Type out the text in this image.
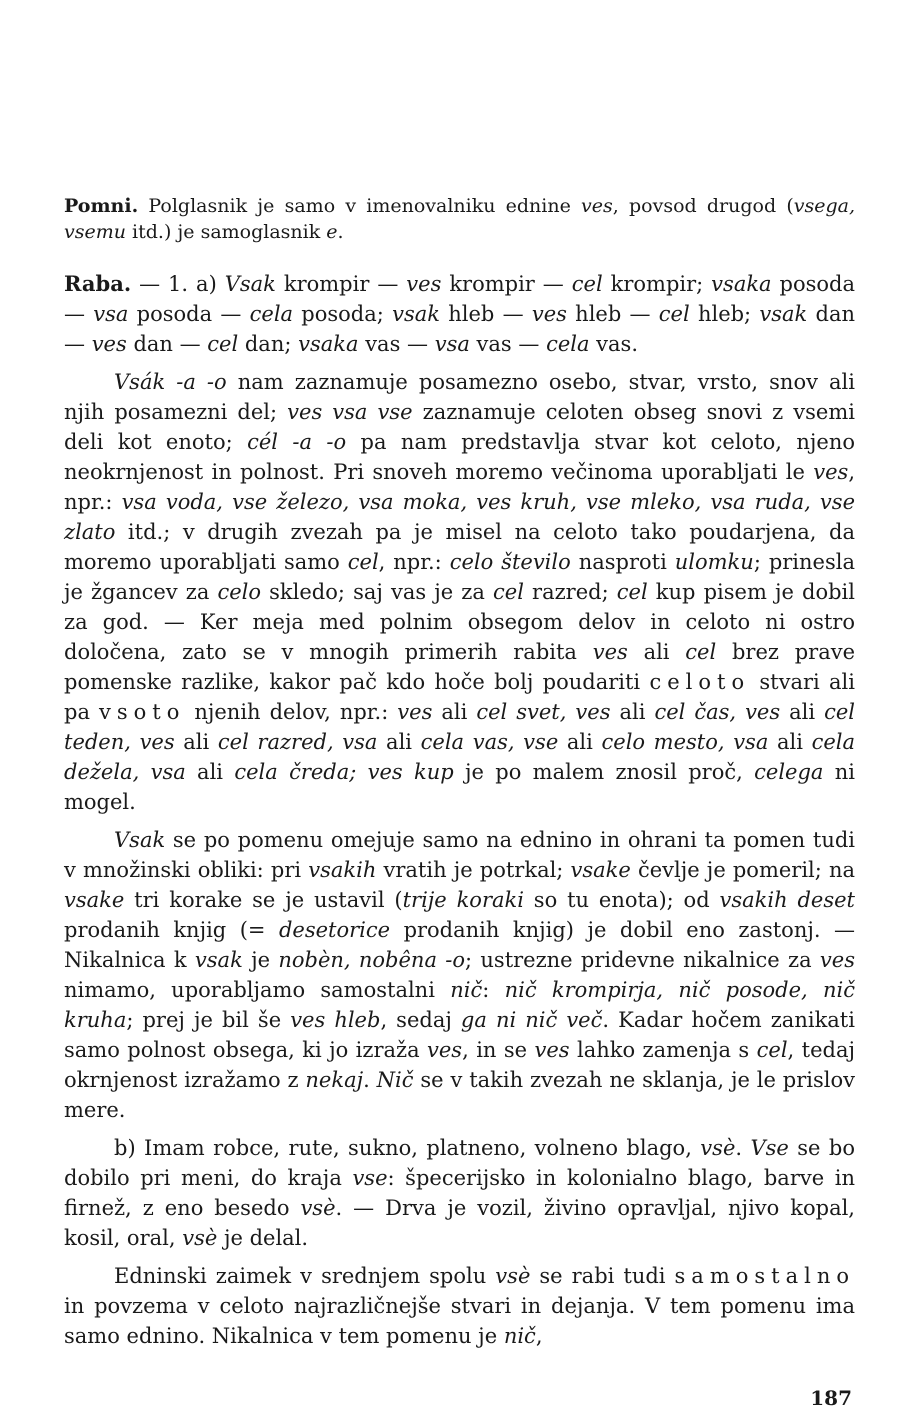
Pomni. Polglasnik je samo v imenovalniku ednine ves, povsod drugod (vsega, vsemu itd.) je samoglasnik e.

Raba. — 1. a) Vsak krompir — ves krompir — cel krompir; vsaka posoda — vsa posoda — cela posoda; vsak hleb — ves hleb — cel hleb; vsak dan — ves dan — cel dan; vsaka vas — vsa vas — cela vas.

Vsák -a -o nam zaznamuje posamezno osebo, stvar, vrsto, snov ali njih posamezni del; ves vsa vse zaznamuje celoten obseg snovi z vsemi deli kot enoto; cél -a -o pa nam predstavlja stvar kot celoto, njeno neokrnjenost in polnost. Pri snoveh moremo večinoma uporabljati le ves, npr.: vsa voda, vse železo, vsa moka, ves kruh, vse mleko, vsa ruda, vse zlato itd.; v drugih zvezah pa je misel na celoto tako poudarjena, da moremo uporabljati samo cel, npr.: celo število nasproti ulomku; prinesla je žgancev za celo skledo; saj vas je za cel razred; cel kup pisem je dobil za god. — Ker meja med polnim obsegom delov in celoto ni ostro določena, zato se v mnogih primerih rabita ves ali cel brez prave pomenske razlike, kakor pač kdo hoče bolj poudariti celoto stvari ali pa vsoto njenih delov, npr.: ves ali cel svet, ves ali cel čas, ves ali cel teden, ves ali cel razred, vsa ali cela vas, vse ali celo mesto, vsa ali cela dežela, vsa ali cela čreda; ves kup je po malem znosil proč, celega ni mogel.

Vsak se po pomenu omejuje samo na ednino in ohrani ta pomen tudi v množinski obliki: pri vsakih vratih je potrkal; vsake čevlje je pomeril; na vsake tri korake se je ustavil (trije koraki so tu enota); od vsakih deset prodanih knjig (= desetorice prodanih knjig) je dobil eno zastonj. — Nikalnica k vsak je nobèn, nobêna -o; ustrezne pridevne nikalnice za ves nimamo, uporabljamo samostalni nič: nič krompirja, nič posode, nič kruha; prej je bil še ves hleb, sedaj ga ni nič več. Kadar hočem zanikati samo polnost obsega, ki jo izraža ves, in se ves lahko zamenja s cel, tedaj okrnjenost izražamo z nekaj. Nič se v takih zvezah ne sklanja, je le prislov mere.

b) Imam robce, rute, sukno, platneno, volneno blago, vsè. Vse se bo dobilo pri meni, do kraja vse: špecerijsko in kolonialno blago, barve in firnež, z eno besedo vsè. — Drva je vozil, živino opravljal, njivo kopal, kosil, oral, vsè je delal.

Edninski zaimek v srednjem spolu vsè se rabi tudi samostalno in povzema v celoto najrazličnejše stvari in dejanja. V tem pomenu ima samo ednino. Nikalnica v tem pomenu je nič,

187
